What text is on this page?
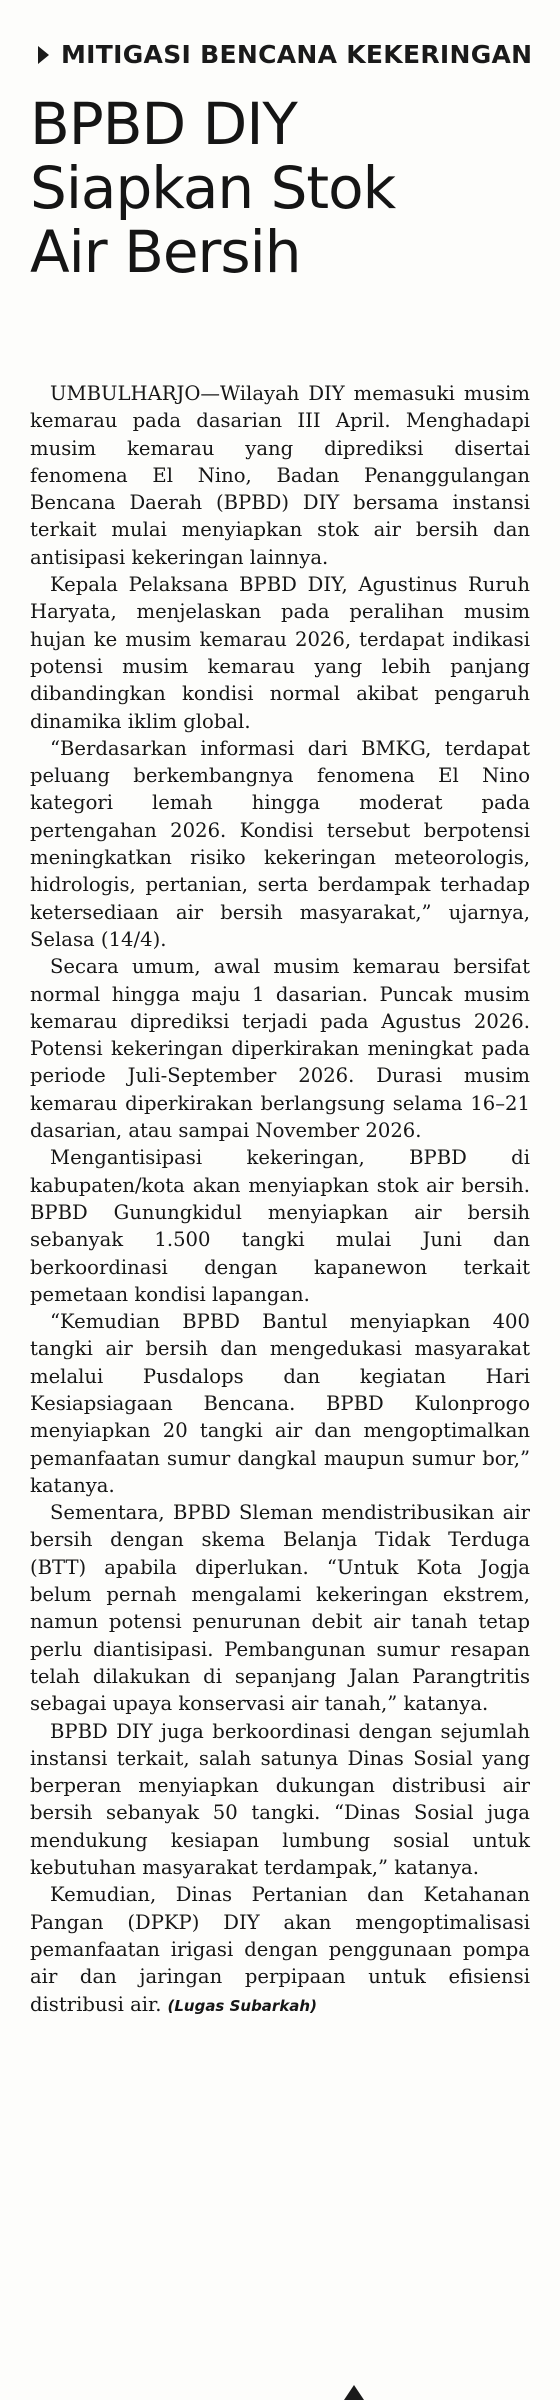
MITIGASI BENCANA KEKERINGAN
BPBD DIY
Siapkan Stok
Air Bersih

UMBULHARJO—Wilayah DIY memasuki musim kemarau pada dasarian III April. Menghadapi musim kemarau yang diprediksi disertai fenomena El Nino, Badan Penanggulangan Bencana Daerah (BPBD) DIY bersama instansi terkait mulai menyiapkan stok air bersih dan antisipasi kekeringan lainnya.

Kepala Pelaksana BPBD DIY, Agustinus Ruruh Haryata, menjelaskan pada peralihan musim hujan ke musim kemarau 2026, terdapat indikasi potensi musim kemarau yang lebih panjang dibandingkan kondisi normal akibat pengaruh dinamika iklim global.

“Berdasarkan informasi dari BMKG, terdapat peluang berkembangnya fenomena El Nino kategori lemah hingga moderat pada pertengahan 2026. Kondisi tersebut berpotensi meningkatkan risiko kekeringan meteorologis, hidrologis, pertanian, serta berdampak terhadap ketersediaan air bersih masyarakat,” ujarnya, Selasa (14/4).

Secara umum, awal musim kemarau bersifat normal hingga maju 1 dasarian. Puncak musim kemarau diprediksi terjadi pada Agustus 2026. Potensi kekeringan diperkirakan meningkat pada periode Juli-September 2026. Durasi musim kemarau diperkirakan berlangsung selama 16–21 dasarian, atau sampai November 2026.

Mengantisipasi kekeringan, BPBD di kabupaten/kota akan menyiapkan stok air bersih. BPBD Gunungkidul menyiapkan air bersih sebanyak 1.500 tangki mulai Juni dan berkoordinasi dengan kapanewon terkait pemetaan kondisi lapangan.

“Kemudian BPBD Bantul menyiapkan 400 tangki air bersih dan mengedukasi masyarakat melalui Pusdalops dan kegiatan Hari Kesiapsiagaan Bencana. BPBD Kulonprogo menyiapkan 20 tangki air dan mengoptimalkan pemanfaatan sumur dangkal maupun sumur bor,” katanya.

Sementara, BPBD Sleman mendistribusikan air bersih dengan skema Belanja Tidak Terduga (BTT) apabila diperlukan. “Untuk Kota Jogja belum pernah mengalami kekeringan ekstrem, namun potensi penurunan debit air tanah tetap perlu diantisipasi. Pembangunan sumur resapan telah dilakukan di sepanjang Jalan Parangtritis sebagai upaya konservasi air tanah,” katanya.

BPBD DIY juga berkoordinasi dengan sejumlah instansi terkait, salah satunya Dinas Sosial yang berperan menyiapkan dukungan distribusi air bersih sebanyak 50 tangki. “Dinas Sosial juga mendukung kesiapan lumbung sosial untuk kebutuhan masyarakat terdampak,” katanya.

Kemudian, Dinas Pertanian dan Ketahanan Pangan (DPKP) DIY akan mengoptimalisasi pemanfaatan irigasi dengan penggunaan pompa air dan jaringan perpipaan untuk efisiensi distribusi air. (Lugas Subarkah)
